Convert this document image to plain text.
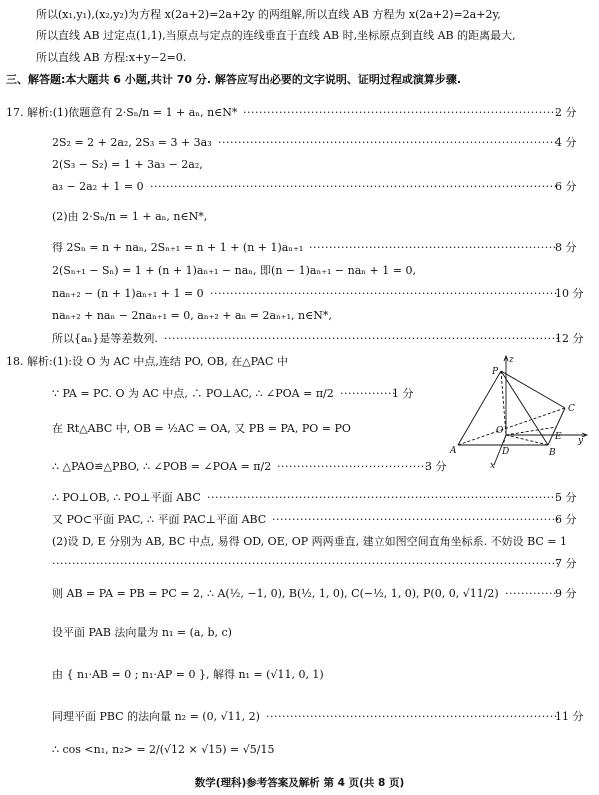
所以(x₁,y₁),(x₂,y₂)为方程 x(2a+2)=2a+2y 的两组解,所以直线 AB 方程为 x(2a+2)=2a+2y,
所以直线 AB 过定点(1,1),当原点与定点的连线垂直于直线 AB 时,坐标原点到直线 AB 的距离最大,
所以直线 AB 方程:x+y−2=0.
三、解答题:本大题共 6 小题,共计 70 分. 解答应写出必要的文字说明、证明过程或演算步骤.
17. 解析:(1)依题意有 2·Sₙ/n = 1 + aₙ, n∈N* ···············································································
2 分
2S₂ = 2 + 2a₂, 2S₃ = 3 + 3a₃ ·····················································································
4 分
2(S₃ − S₂) = 1 + 3a₃ − 2a₂,
a₃ − 2a₂ + 1 = 0 ······································································································
6 分
(2)由 2·Sₙ/n = 1 + aₙ, n∈N*,
得 2Sₙ = n + naₙ, 2Sₙ₊₁ = n + 1 + (n + 1)aₙ₊₁ ······························································
8 分
2(Sₙ₊₁ − Sₙ) = 1 + (n + 1)aₙ₊₁ − naₙ, 即(n − 1)aₙ₊₁ − naₙ + 1 = 0,
naₙ₊₂ − (n + 1)aₙ₊₁ + 1 = 0 ·······················································································
10 分
naₙ₊₂ + naₙ − 2naₙ₊₁ = 0, aₙ₊₂ + aₙ = 2aₙ₊₁, n∈N*,
所以{aₙ}是等差数列. ···································································································
12 分
18. 解析:(1):设 O 为 AC 中点,连结 PO, OB, 在△PAC 中
∵ PA = PC. O 为 AC 中点, ∴ PO⊥AC, ∴ ∠POA = π/2 ··············
1 分
在 Rt△ABC 中, OB = ½AC = OA, 又 PB = PA, PO = PO
∴ △PAO≌△PBO, ∴ ∠POB = ∠POA = π/2 ······································
3 分
∴ PO⊥OB, ∴ PO⊥平面 ABC ························································································
5 分
又 PO⊂平面 PAC, ∴ 平面 PAC⊥平面 ABC ········································································
6 分
(2)设 D, E 分别为 AB, BC 中点, 易得 OD, OE, OP 两两垂直, 建立如图空间直角坐标系. 不妨设 BC = 1
·······························································································································
7 分
则 AB = PA = PB = PC = 2, ∴ A(½, −1, 0), B(½, 1, 0), C(−½, 1, 0), P(0, 0, √11/2) ·············
9 分
设平面 PAB 法向量为 n₁ = (a, b, c)
由 { n₁·AB = 0 ; n₁·AP = 0 }, 解得 n₁ = (√11, 0, 1)
同理平面 PBC 的法向量 n₂ = (0, √11, 2) ·········································································
11 分
∴ cos <n₁, n₂> = 2/(√12 × √15) = √5/15
P
z
C
O
E y
A	D	B
x
数学(理科)参考答案及解析 第 4 页(共 8 页)
